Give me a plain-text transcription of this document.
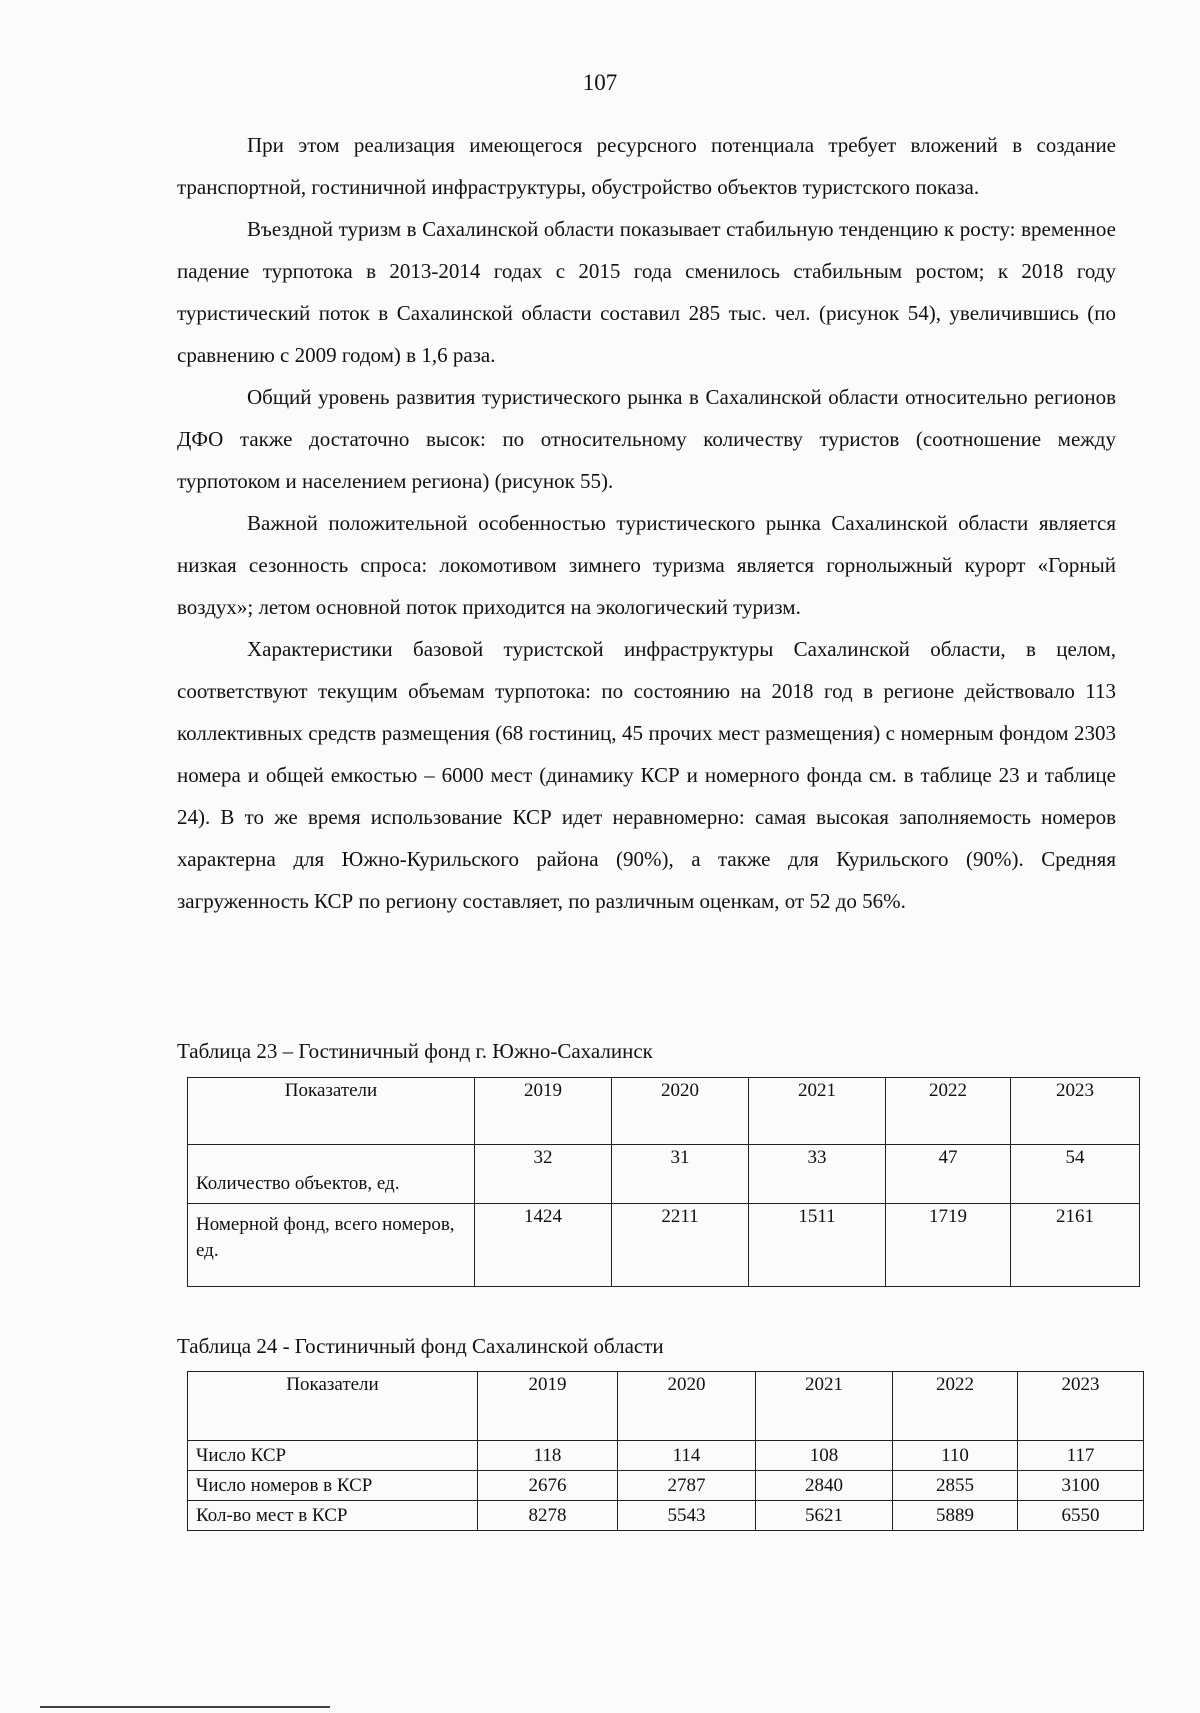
107

При этом реализация имеющегося ресурсного потенциала требует вложений в создание транспортной, гостиничной инфраструктуры, обустройство объектов туристского показа.

Въездной туризм в Сахалинской области показывает стабильную тенденцию к росту: временное падение турпотока в 2013-2014 годах с 2015 года сменилось стабильным ростом; к 2018 году туристический поток в Сахалинской области составил 285 тыс. чел. (рисунок 54), увеличившись (по сравнению с 2009 годом) в 1,6 раза.

Общий уровень развития туристического рынка в Сахалинской области относительно регионов ДФО также достаточно высок: по относительному количеству туристов (соотношение между турпотоком и населением региона) (рисунок 55).

Важной положительной особенностью туристического рынка Сахалинской области является низкая сезонность спроса: локомотивом зимнего туризма является горнолыжный курорт «Горный воздух»; летом основной поток приходится на экологический туризм.

Характеристики базовой туристской инфраструктуры Сахалинской области, в целом, соответствуют текущим объемам турпотока: по состоянию на 2018 год в регионе действовало 113 коллективных средств размещения (68 гостиниц, 45 прочих мест размещения) с номерным фондом 2303 номера и общей емкостью – 6000 мест (динамику КСР и номерного фонда см. в таблице 23 и таблице 24). В то же время использование КСР идет неравномерно: самая высокая заполняемость номеров характерна для Южно-Курильского района (90%), а также для Курильского (90%). Средняя загруженность КСР по региону составляет, по различным оценкам, от 52 до 56%.

Таблица 23 – Гостиничный фонд г. Южно-Сахалинск
Показатели	2019	2020	2021	2022	2023
Количество объектов, ед.	32	31	33	47	54
Номерной фонд, всего номеров, ед.	1424	2211	1511	1719	2161
Таблица 24 - Гостиничный фонд Сахалинской области
Показатели	2019	2020	2021	2022	2023
Число КСР	118	114	108	110	117
Число номеров в КСР	2676	2787	2840	2855	3100
Кол-во мест в КСР	8278	5543	5621	5889	6550
